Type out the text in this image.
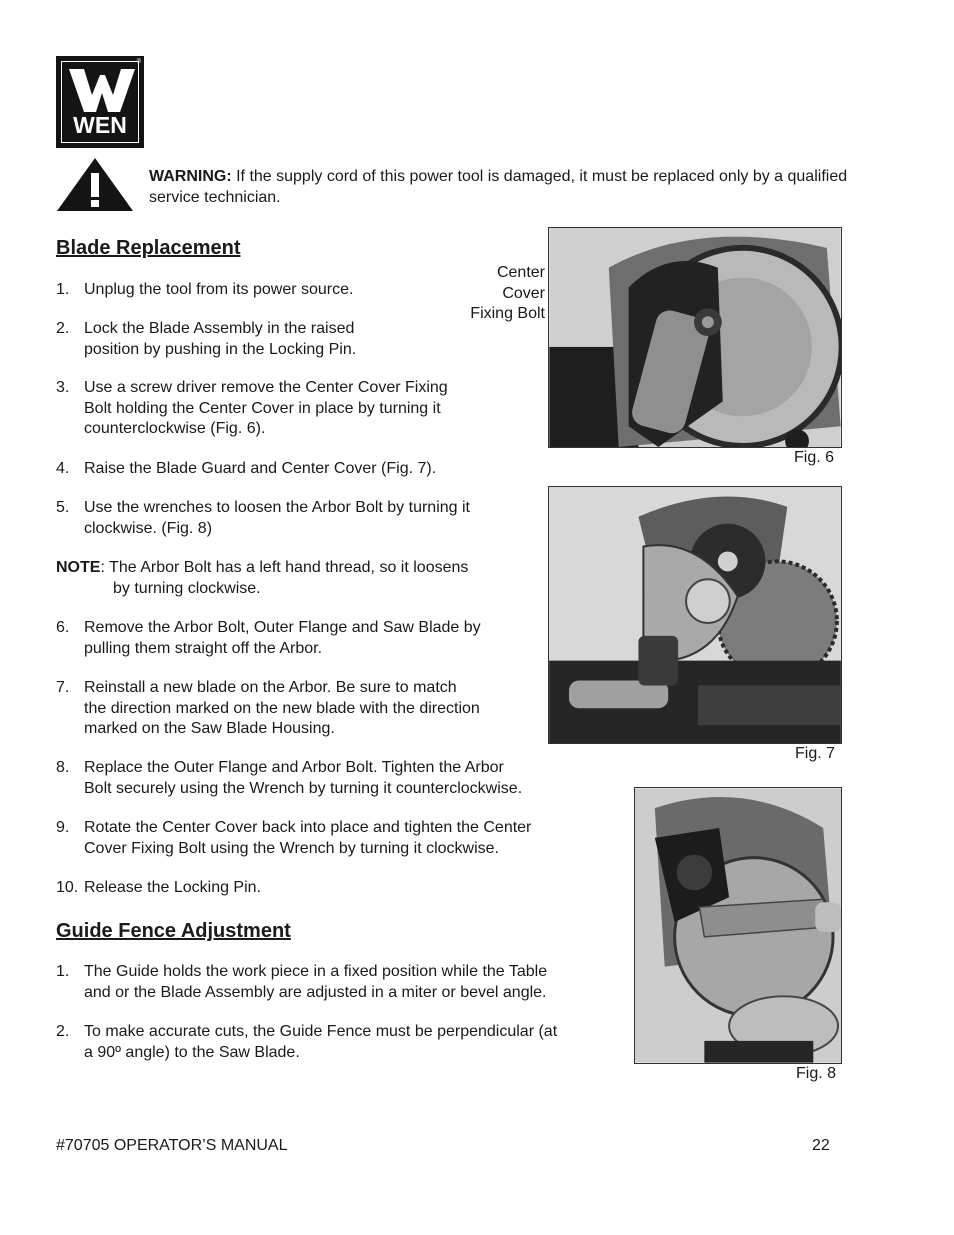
®
WEN
WARNING: If the supply cord of this power tool is damaged, it must be replaced only by a qualified service technician.
Blade Replacement
1. Unplug the tool from its power source.
2. Lock the Blade Assembly in the raised
position by pushing in the Locking Pin.
3. Use a screw driver remove the Center Cover Fixing
Bolt holding the Center Cover in place by turning it
counterclockwise (Fig. 6).
4. Raise the Blade Guard and Center Cover (Fig. 7).
5. Use the wrenches to loosen the Arbor Bolt by turning it
clockwise. (Fig. 8)
NOTE: The Arbor Bolt has a left hand thread, so it loosens
by turning clockwise.
6. Remove the Arbor Bolt, Outer Flange and Saw Blade by
pulling them straight off the Arbor.
7. Reinstall a new blade on the Arbor. Be sure to match
the direction marked on the new blade with the direction
marked on the Saw Blade Housing.
8. Replace the Outer Flange and Arbor Bolt. Tighten the Arbor
Bolt securely using the Wrench by turning it counterclockwise.
9. Rotate the Center Cover back into place and tighten the Center
Cover Fixing Bolt using the Wrench by turning it clockwise.
10. Release the Locking Pin.
Guide Fence Adjustment
1. The Guide holds the work piece in a fixed position while the Table
and or the Blade Assembly are adjusted in a miter or bevel angle.
2. To make accurate cuts, the Guide Fence must be perpendicular (at
a 90º angle) to the Saw Blade.
Center
Cover
Fixing Bolt
Fig. 6
Fig. 7
Fig. 8
#70705 OPERATOR’S MANUAL	22
